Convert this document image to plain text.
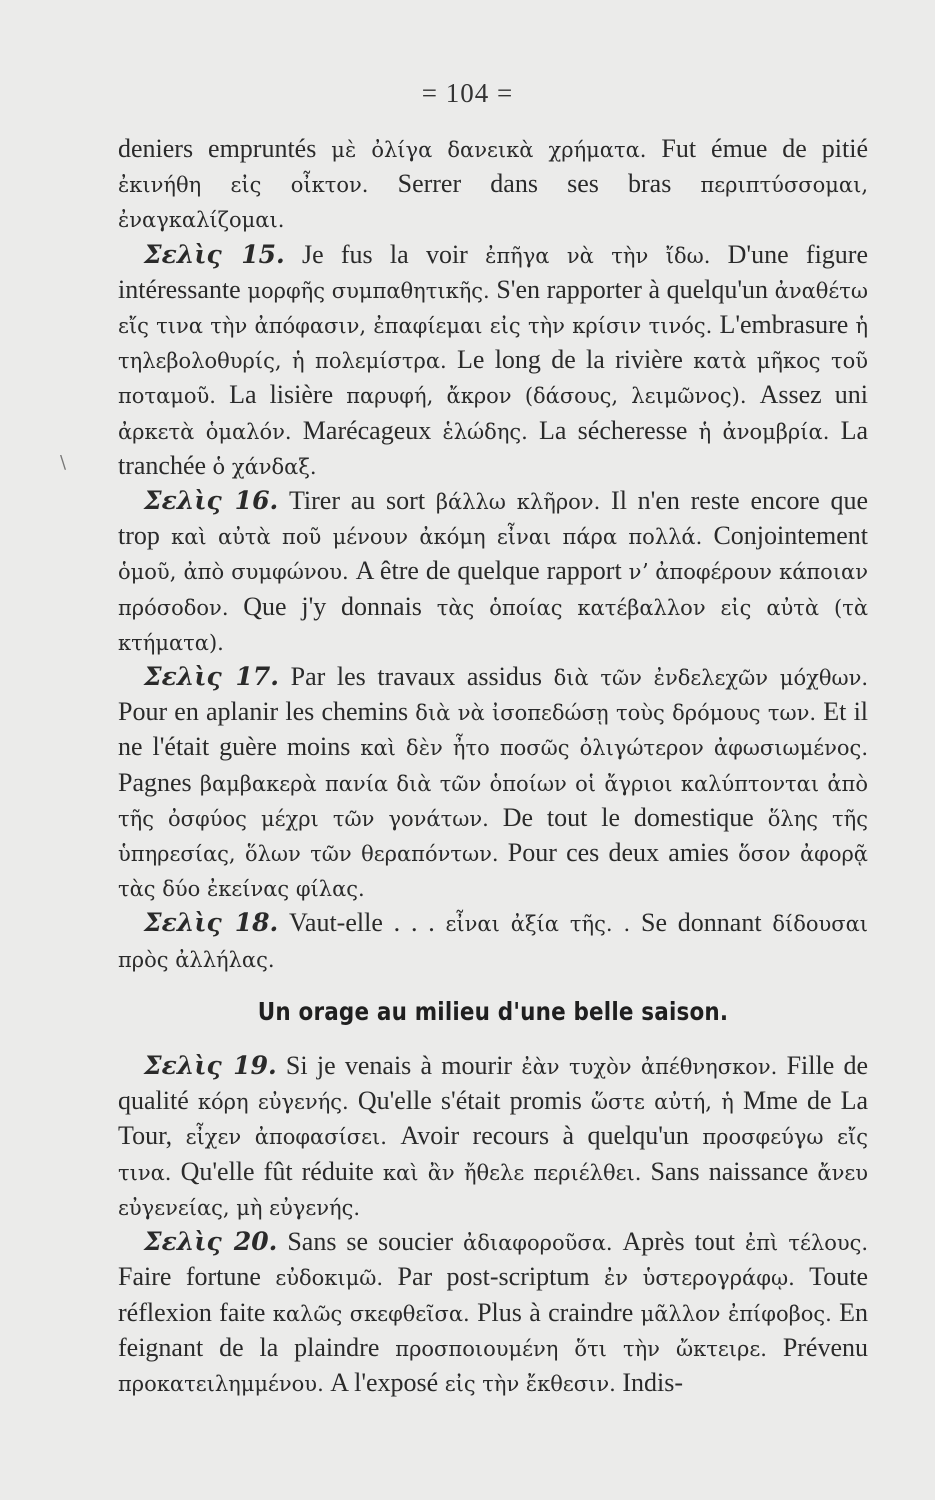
= 104 =
\

deniers empruntés μὲ ὀλίγα δανεικὰ χρήματα. Fut émue de pitié ἐκινήθη εἰς οἶκτον. Serrer dans ses bras περιπτύσσομαι, ἐναγκαλίζομαι.

Σελὶς 15. Je fus la voir ἐπῆγα νὰ τὴν ἴδω. D'une figure intéressante μορφῆς συμπαθητικῆς. S'en rapporter à quelqu'un ἀναθέτω εἴς τινα τὴν ἀπόφασιν, ἐπαφίεμαι εἰς τὴν κρίσιν τινός. L'embrasure ἡ τηλεβολοθυρίς, ἡ πολεμίστρα. Le long de la rivière κατὰ μῆκος τοῦ ποταμοῦ. La lisière παρυφή, ἄκρον (δάσους, λειμῶνος). Assez uni ἀρκετὰ ὁμαλόν. Marécageux ἑλώδης. La sécheresse ἡ ἀνομβρία. La tranchée ὁ χάνδαξ.

Σελὶς 16. Tirer au sort βάλλω κλῆρον. Il n'en reste encore que trop καὶ αὐτὰ ποῦ μένουν ἀκόμη εἶναι πάρα πολλά. Conjointement ὁμοῦ, ἀπὸ συμφώνου. A être de quelque rapport νʼ ἀποφέρουν κάποιαν πρόσοδον. Que j'y donnais τὰς ὁποίας κατέβαλλον εἰς αὐτὰ (τὰ κτήματα).

Σελὶς 17. Par les travaux assidus διὰ τῶν ἐνδελεχῶν μόχθων. Pour en aplanir les chemins διὰ νὰ ἰσοπεδώσῃ τοὺς δρόμους των. Et il ne l'était guère moins καὶ δὲν ἦτο ποσῶς ὀλιγώτερον ἀφωσιωμένος. Pagnes βαμβακερὰ πανία διὰ τῶν ὁποίων οἱ ἄγριοι καλύπτονται ἀπὸ τῆς ὀσφύος μέχρι τῶν γονάτων. De tout le domestique ὅλης τῆς ὑπηρεσίας, ὅλων τῶν θεραπόντων. Pour ces deux amies ὅσον ἀφορᾷ τὰς δύο ἐκείνας φίλας.

Σελὶς 18. Vaut-elle . . . εἶναι ἀξία τῆς. . Se donnant δίδουσαι πρὸς ἀλλήλας.

Un orage au milieu d'une belle saison.

Σελὶς 19. Si je venais à mourir ἐὰν τυχὸν ἀπέθνησκον. Fille de qualité κόρη εὐγενής. Qu'elle s'était promis ὥστε αὐτή, ἡ Mme de La Tour, εἶχεν ἀποφασίσει. Avoir recours à quelqu'un προσφεύγω εἴς τινα. Qu'elle fût réduite καὶ ἂν ἤθελε περιέλθει. Sans naissance ἄνευ εὐγενείας, μὴ εὐγενής.

Σελὶς 20. Sans se soucier ἀδιαφοροῦσα. Après tout ἐπὶ τέλους. Faire fortune εὐδοκιμῶ. Par post-scriptum ἐν ὑστερογράφῳ. Toute réflexion faite καλῶς σκεφθεῖσα. Plus à craindre μᾶλλον ἐπίφοβος. En feignant de la plaindre προσποιουμένη ὅτι τὴν ὤκτειρε. Prévenu προκατειλημμένου. A l'exposé εἰς τὴν ἔκθεσιν. Indis-
